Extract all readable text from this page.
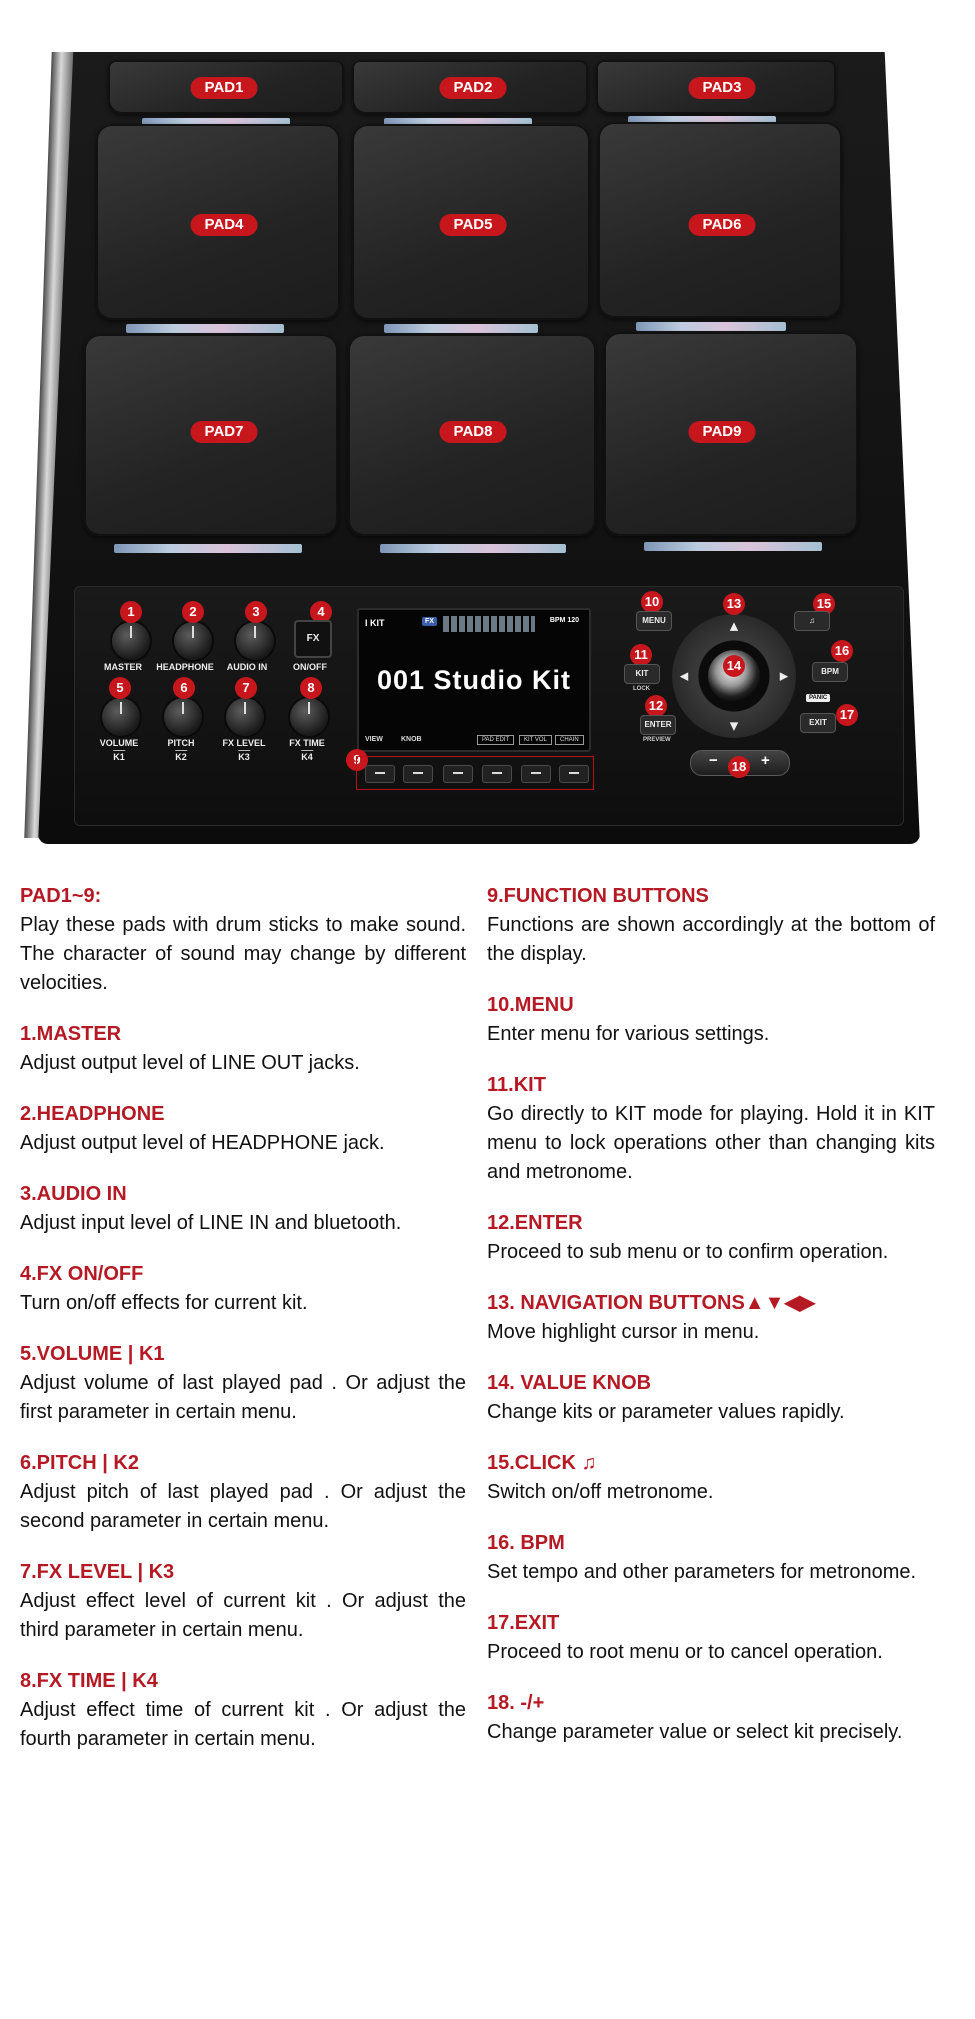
PAD1	PAD2	PAD3
PAD4	PAD5	PAD6
PAD7	PAD8	PAD9
1	2	3	4
FX
MASTER HEADPHONE AUDIO IN	ON/OFF
5	6	7	8
VOLUME
K1
PITCH
K2
FX LEVEL
K3
FX TIME
K4
I KIT	FX	BPM 120
001 Studio Kit
VIEW	KNOB	PAD EDIT	KIT VOL	CHAIN
9
10
MENU
11
KIT
LOCK
12
ENTER
PREVIEW
▲
▼
◀	▶
13
14
15
♫
16
BPM
PANIC
EXIT
17
−	+
18
PAD1~9:

Play these pads with drum sticks to make sound. The character of sound may change by different velocities.

1.MASTER

Adjust output level of LINE OUT jacks.

2.HEADPHONE

Adjust output level of HEADPHONE jack.

3.AUDIO IN

Adjust input level of LINE IN and bluetooth.

4.FX ON/OFF

Turn on/off effects for current kit.

5.VOLUME | K1

Adjust volume of last played pad . Or adjust the first parameter in certain menu.

6.PITCH | K2

Adjust pitch of last played pad . Or adjust the second parameter in certain menu.

7.FX LEVEL | K3

Adjust effect level of current kit . Or adjust the third parameter in certain menu.

8.FX TIME | K4

Adjust effect time of current kit . Or adjust the fourth parameter in certain menu.

9.FUNCTION BUTTONS

Functions are shown accordingly at the bottom of the display.

10.MENU

Enter menu for various settings.

11.KIT

Go directly to KIT mode for playing. Hold it in KIT menu to lock operations other than changing kits and metronome.

12.ENTER

Proceed to sub menu or to confirm operation.

13. NAVIGATION BUTTONS▲▼◀▶

Move highlight cursor in menu.

14. VALUE KNOB

Change kits or parameter values rapidly.

15.CLICK ♫

Switch on/off metronome.

16. BPM

Set tempo and other parameters for metronome.

17.EXIT

Proceed to root menu or to cancel operation.

18. -/+

Change parameter value or select kit precisely.
